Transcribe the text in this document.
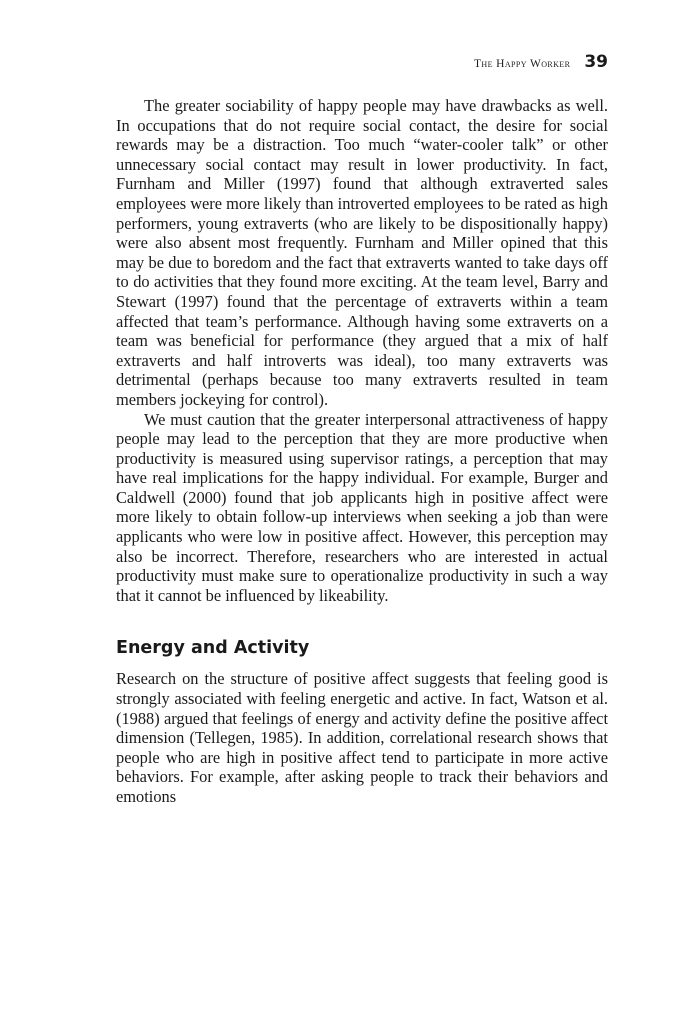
The Happy Worker 39

The greater sociability of happy people may have drawbacks as well. In occupations that do not require social contact, the desire for social rewards may be a distraction. Too much “water-cooler talk” or other unnecessary social contact may result in lower productivity. In fact, Furnham and Miller (1997) found that although extraverted sales employees were more likely than introverted employees to be rated as high performers, young extraverts (who are likely to be dispositionally happy) were also absent most frequently. Furnham and Miller opined that this may be due to boredom and the fact that extraverts wanted to take days off to do activities that they found more exciting. At the team level, Barry and Stewart (1997) found that the percentage of extraverts within a team affected that team’s performance. Although having some extraverts on a team was beneficial for performance (they argued that a mix of half extraverts and half introverts was ideal), too many extraverts was detrimental (perhaps because too many extraverts resulted in team members jockeying for control).

We must caution that the greater interpersonal attractiveness of happy people may lead to the perception that they are more productive when productivity is measured using supervisor ratings, a perception that may have real implications for the happy individual. For example, Burger and Caldwell (2000) found that job applicants high in positive affect were more likely to obtain follow-up interviews when seeking a job than were applicants who were low in positive affect. However, this perception may also be incorrect. Therefore, researchers who are interested in actual productivity must make sure to operationalize productivity in such a way that it cannot be influenced by likeability.

Energy and Activity

Research on the structure of positive affect suggests that feeling good is strongly associated with feeling energetic and active. In fact, Watson et al. (1988) argued that feelings of energy and activity define the positive affect dimension (Tellegen, 1985). In addition, correlational research shows that people who are high in positive affect tend to participate in more active behaviors. For example, after asking people to track their behaviors and emotions
